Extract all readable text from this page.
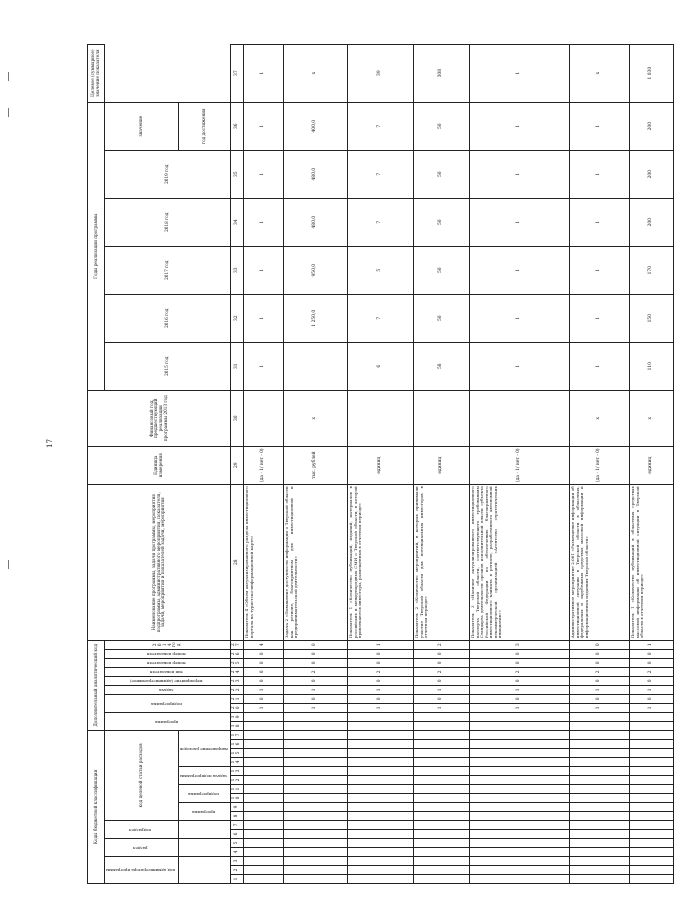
17
Коды бюджетной классификации																	Дополнительный аналитический код										Наименование программы, задачи программы, мероприятия подпрограммы, административного мероприятия, показателя, задачи, мероприятия и показателей задачи, мероприятия	Единица измерения	Финансовый год, предшествующий реализации программы 2013 год	Годы реализации программы						Целевое (суммарное) значение показателя
код администратора программы			раздел		подраздел		код целевой статьи расходов										программа		подпрограмма		задача	мероприятие (административное)	тип показателя	номер показателя	номер показателя	2014 год				2015 год	2016 год	2017 год	2018 год	2019 год	значение	
							программа		подпрограмма		задача подпрограммы		направление расходов																						год достижения	
1	2	3	4	5	6	7	8	9	10	11	12	13	14	15	16	17	18	19	20	21	22	23	24	25	26	27	28	29	30	31	32	33	34	35	36	37
																			1	0	1	0	0	0	0	4	Показатель 4 «Объем актуализированного раздела инвестиционного портала на туристско-информационной карте»	(да - 1/ нет - 0)		1	1	1	1	1	1	1
																			1	0	1	0	2	0	0	0	Задача 2 «Повышение доступности информации о Тверской области как регионе, благоприятном для инвестиционной и предпринимательской деятельности»	тыс. рублей	x		1 250,0	950,0	480,0	480,0	400,0	x
																			1	0	1	0	2	0	0	1	Показатель 1 «Количество публикаций, изданий, материалов в российских и международных СМИ о Тверской области, в которой привлекаются инвесторы, размещенных в отчетном периоде»	единиц		6	7	5	7	7	7	39
																			1	0	1	0	2	0	0	2	Показатель 2 «Количество мероприятий, в которых принимали участие Тверской области для потенциальных инвесторов в отчетном периоде»	единиц		58	50	50	50	50	50	308
																			1	0	1	0	2	0	0	3	Показатель 3 «Наличие актуализированного инвестиционного паспорта Тверской области, соответствующего требованиям Стандарта деятельности органов исполнительной власти субъекта Российской Федерации по обеспечению благоприятного инвестиционного климата в регионе, разработанного автономной некоммерческой организацией «Агентство стратегических инициатив»»	(да - 1/ нет - 0)		1	1	1	1	1	1	1
																			1	0	1	0	2	0	0	0	Административное мероприятие 2.001 «Размещение информации об инвестиционной ситуации в Тверской области в областных, федеральных и зарубежных средствах массовой информации и информационных изданиях Тверской области»	(да - 1/ нет - 0)	x	1	1	1	1	1	1	x
																			1	0	1	0	2	0	0	1	Показатель 1 «Количество публикаций в областных средствах массовой информации об инвестиционной ситуации в Тверской области в отчетном периоде»	единиц	x	110	150	170	200	200	200	1 030
